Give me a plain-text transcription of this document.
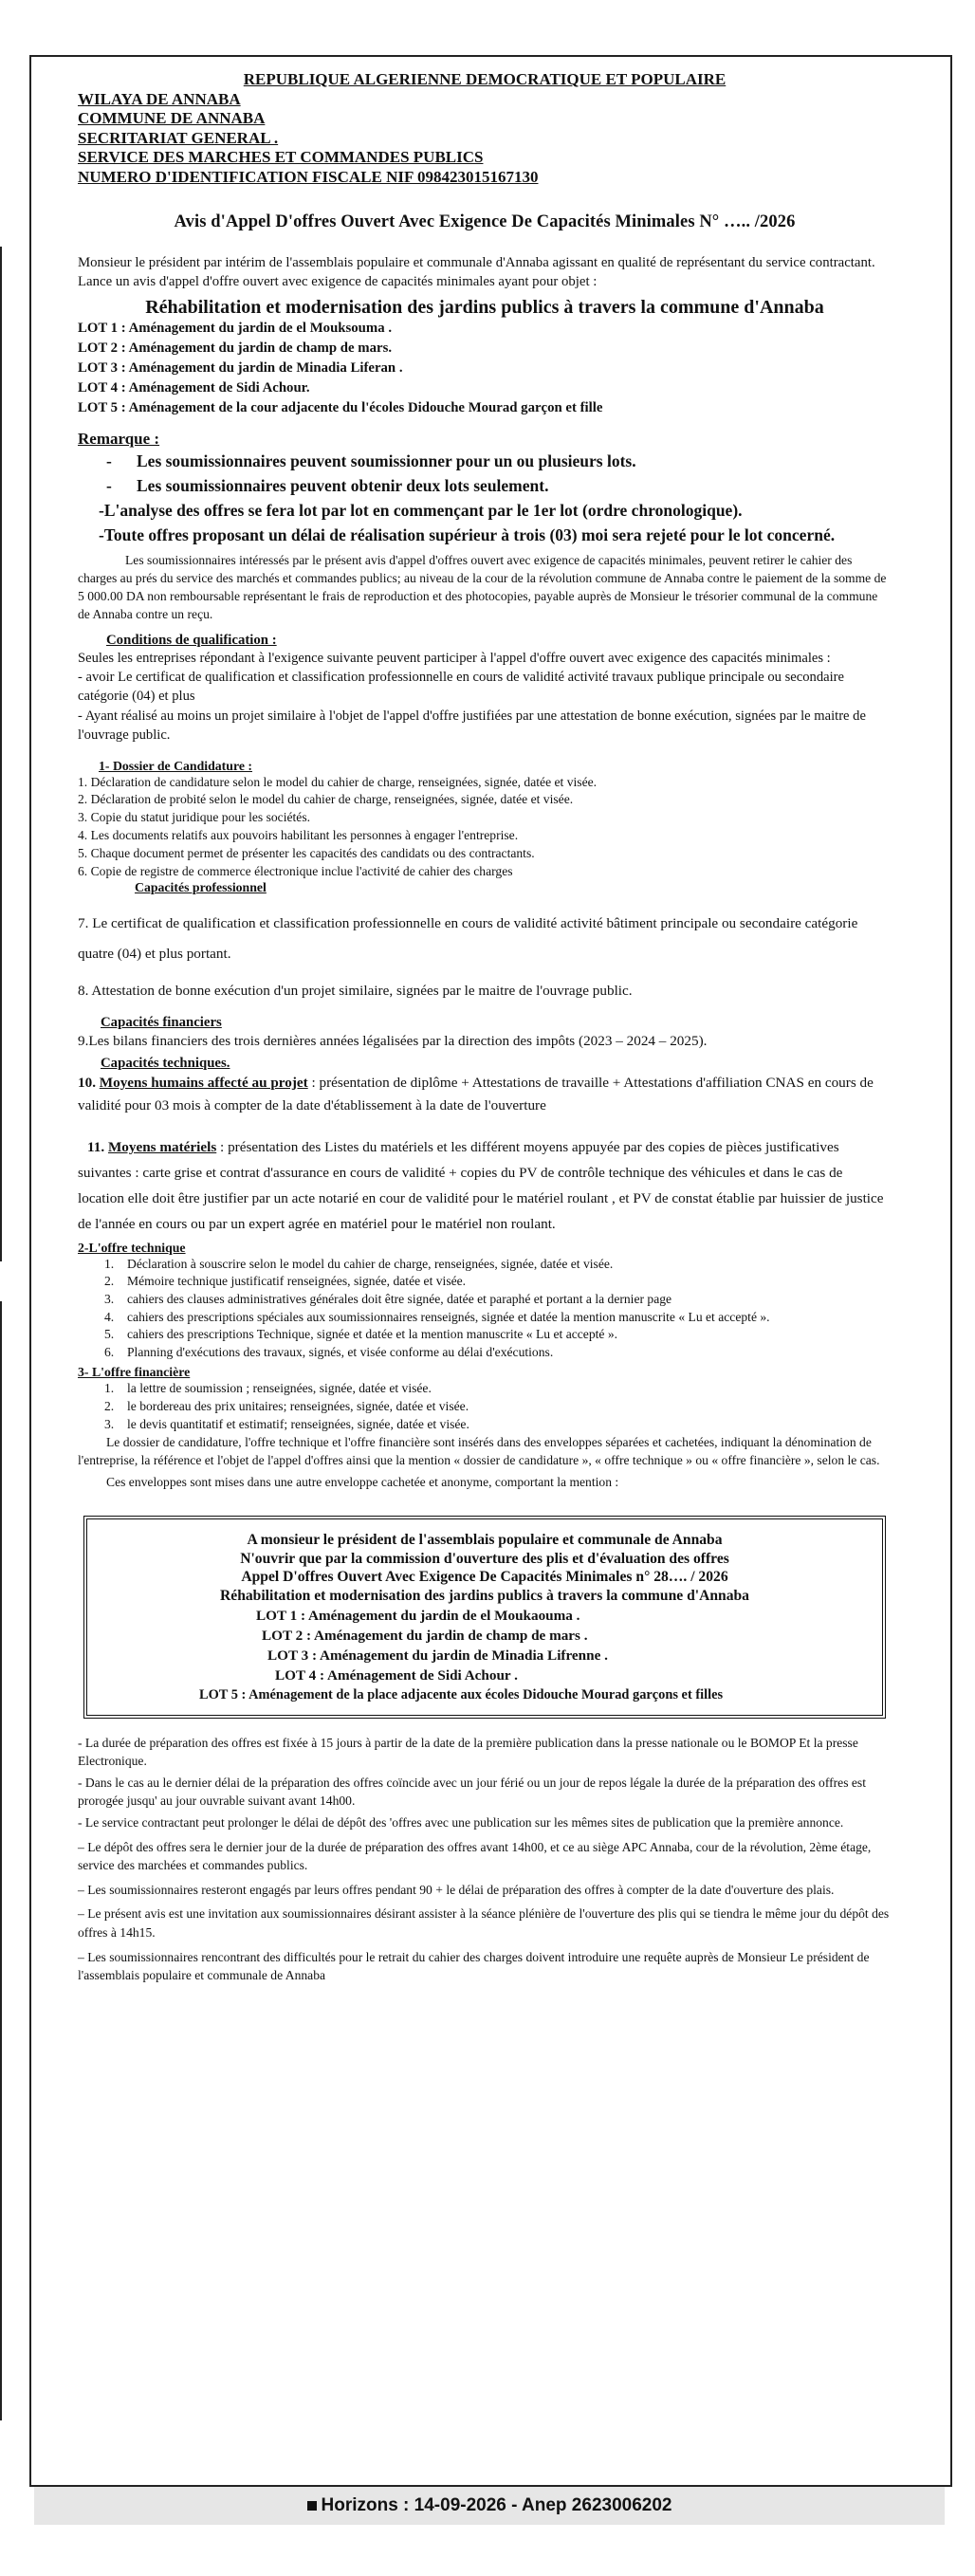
REPUBLIQUE ALGERIENNE DEMOCRATIQUE ET POPULAIRE
WILAYA DE ANNABA
COMMUNE DE ANNABA
SECRITARIAT GENERAL .
SERVICE DES MARCHES ET COMMANDES PUBLICS
NUMERO D'IDENTIFICATION FISCALE NIF 098423015167130
Avis d'Appel D'offres Ouvert Avec Exigence De Capacités Minimales N° ….. /2026

Monsieur le président par intérim de l'assemblais populaire et communale d'Annaba agissant en qualité de représentant du service contractant. Lance un avis d'appel d'offre ouvert avec exigence de capacités minimales ayant pour objet :

Réhabilitation et modernisation des jardins publics à travers la commune d'Annaba
LOT 1 : Aménagement du jardin de el Mouksouma .
LOT 2 : Aménagement du jardin de champ de mars.
LOT 3 : Aménagement du jardin de Minadia Liferan .
LOT 4 : Aménagement de Sidi Achour.
LOT 5 : Aménagement de la cour adjacente du l'écoles Didouche Mourad garçon et fille
Remarque :
- Les soumissionnaires peuvent soumissionner pour un ou plusieurs lots.
- Les soumissionnaires peuvent obtenir deux lots seulement.
-L'analyse des offres se fera lot par lot en commençant par le 1er lot (ordre chronologique).
-Toute offres proposant un délai de réalisation supérieur à trois (03) moi sera rejeté pour le lot concerné.

Les soumissionnaires intéressés par le présent avis d'appel d'offres ouvert avec exigence de capacités minimales, peuvent retirer le cahier des charges au prés du service des marchés et commandes publics; au niveau de la cour de la révolution commune de Annaba contre le paiement de la somme de 5 000.00 DA non remboursable représentant le frais de reproduction et des photocopies, payable auprès de Monsieur le trésorier communal de la commune de Annaba contre un reçu.

Conditions de qualification :

Seules les entreprises répondant à l'exigence suivante peuvent participer à l'appel d'offre ouvert avec exigence des capacités minimales :

- avoir Le certificat de qualification et classification professionnelle en cours de validité activité travaux publique principale ou secondaire catégorie (04) et plus

- Ayant réalisé au moins un projet similaire à l'objet de l'appel d'offre justifiées par une attestation de bonne exécution, signées par le maitre de l'ouvrage public.

1- Dossier de Candidature :
1. Déclaration de candidature selon le model du cahier de charge, renseignées, signée, datée et visée.
2. Déclaration de probité selon le model du cahier de charge, renseignées, signée, datée et visée.
3. Copie du statut juridique pour les sociétés.
4. Les documents relatifs aux pouvoirs habilitant les personnes à engager l'entreprise.
5. Chaque document permet de présenter les capacités des candidats ou des contractants.
6. Copie de registre de commerce électronique inclue l'activité de cahier des charges
Capacités professionnel

7. Le certificat de qualification et classification professionnelle en cours de validité activité bâtiment principale ou secondaire catégorie quatre (04) et plus portant.

8. Attestation de bonne exécution d'un projet similaire, signées par le maitre de l'ouvrage public.

Capacités financiers

9.Les bilans financiers des trois dernières années légalisées par la direction des impôts (2023 – 2024 – 2025).

Capacités techniques.

10. Moyens humains affecté au projet : présentation de diplôme + Attestations de travaille + Attestations d'affiliation CNAS en cours de validité pour 03 mois à compter de la date d'établissement à la date de l'ouverture

11. Moyens matériels : présentation des Listes du matériels et les différent moyens appuyée par des copies de pièces justificatives suivantes : carte grise et contrat d'assurance en cours de validité + copies du PV de contrôle technique des véhicules et dans le cas de location elle doit être justifier par un acte notarié en cour de validité pour le matériel roulant , et PV de constat établie par huissier de justice de l'année en cours ou par un expert agrée en matériel pour le matériel non roulant.

2-L'offre technique
1.	Déclaration à souscrire selon le model du cahier de charge, renseignées, signée, datée et visée.
2.	Mémoire technique justificatif renseignées, signée, datée et visée.
3.	cahiers des clauses administratives générales doit être signée, datée et paraphé et portant a la dernier page
4.	cahiers des prescriptions spéciales aux soumissionnaires renseignés, signée et datée la mention manuscrite « Lu et accepté ».
5.	cahiers des prescriptions Technique, signée et datée et la mention manuscrite « Lu et accepté ».
6.	Planning d'exécutions des travaux, signés, et visée conforme au délai d'exécutions.
3- L'offre financière
1.	la lettre de soumission ; renseignées, signée, datée et visée.
2.	le bordereau des prix unitaires; renseignées, signée, datée et visée.
3.	le devis quantitatif et estimatif; renseignées, signée, datée et visée.

Le dossier de candidature, l'offre technique et l'offre financière sont insérés dans des enveloppes séparées et cachetées, indiquant la dénomination de l'entreprise, la référence et l'objet de l'appel d'offres ainsi que la mention « dossier de candidature », « offre technique » ou « offre financière », selon le cas.

Ces enveloppes sont mises dans une autre enveloppe cachetée et anonyme, comportant la mention :

A monsieur le président de l'assemblais populaire et communale de Annaba
N'ouvrir que par la commission d'ouverture des plis et d'évaluation des offres
Appel D'offres Ouvert Avec Exigence De Capacités Minimales n° 28…. / 2026
Réhabilitation et modernisation des jardins publics à travers la commune d'Annaba
LOT 1 : Aménagement du jardin de el Moukaouma .
LOT 2 : Aménagement du jardin de champ de mars .
LOT 3 : Aménagement du jardin de Minadia Lifrenne .
LOT 4 : Aménagement de Sidi Achour .
LOT 5 : Aménagement de la place adjacente aux écoles Didouche Mourad garçons et filles

- La durée de préparation des offres est fixée à 15 jours à partir de la date de la première publication dans la presse nationale ou le BOMOP Et la presse Electronique.

- Dans le cas au le dernier délai de la préparation des offres coïncide avec un jour férié ou un jour de repos légale la durée de la préparation des offres est prorogée jusqu' au jour ouvrable suivant avant 14h00.

- Le service contractant peut prolonger le délai de dépôt des 'offres avec une publication sur les mêmes sites de publication que la première annonce.

– Le dépôt des offres sera le dernier jour de la durée de préparation des offres avant 14h00, et ce au siège APC Annaba, cour de la révolution, 2ème étage, service des marchées et commandes publics.

– Les soumissionnaires resteront engagés par leurs offres pendant 90 + le délai de préparation des offres à compter de la date d'ouverture des plais.

– Le présent avis est une invitation aux soumissionnaires désirant assister à la séance plénière de l'ouverture des plis qui se tiendra le même jour du dépôt des offres à 14h15.

– Les soumissionnaires rencontrant des difficultés pour le retrait du cahier des charges doivent introduire une requête auprès de Monsieur Le président de l'assemblais populaire et communale de Annaba

Horizons : 14-09-2026 - Anep 2623006202
